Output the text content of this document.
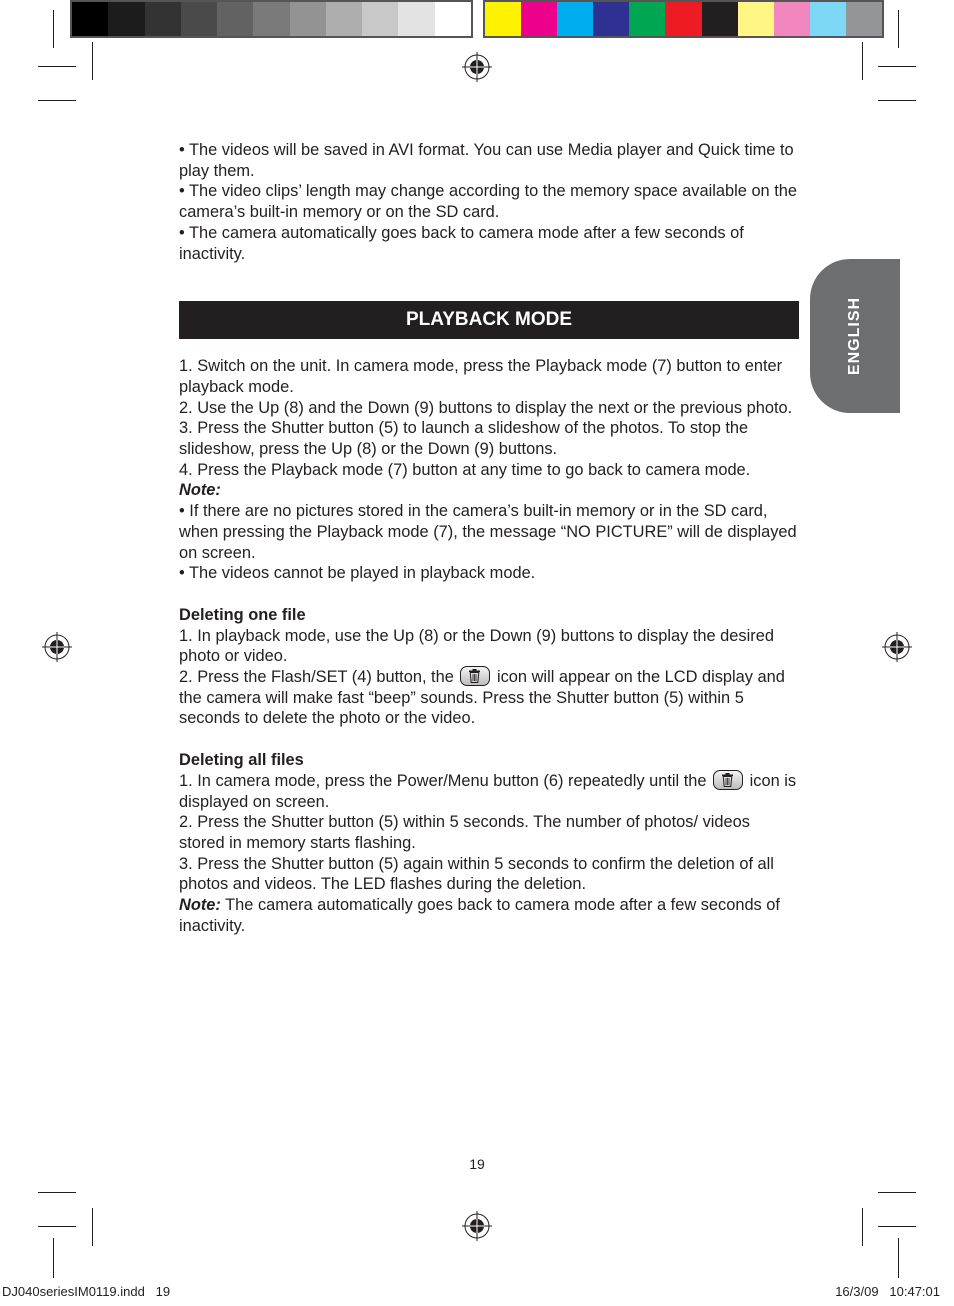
ENGLISH

• The videos will be saved in AVI format. You can use Media player and Quick time to play them.

• The video clips’ length may change according to the memory space available on the camera’s built-in memory or on the SD card.

• The camera automatically goes back to camera mode after a few seconds of inactivity.

PLAYBACK MODE

1. Switch on the unit. In camera mode, press the Playback mode (7) button to enter playback mode.

2. Use the Up (8) and the Down (9) buttons to display the next or the previous photo.

3. Press the Shutter button (5) to launch a slideshow of the photos. To stop the slideshow, press the Up (8) or the Down (9) buttons.

4. Press the Playback mode (7) button at any time to go back to camera mode.

Note:

• If there are no pictures stored in the camera’s built-in memory or in the SD card, when pressing the Playback mode (7), the message “NO PICTURE” will de displayed on screen.

• The videos cannot be played in playback mode.

Deleting one file

1. In playback mode, use the Up (8) or the Down (9) buttons to display the desired photo or video.

2. Press the Flash/SET (4) button, the	icon will appear on the LCD display and the camera will make fast “beep” sounds. Press the Shutter button (5) within 5 seconds to delete the photo or the video.

Deleting all files

1. In camera mode, press the Power/Menu button (6) repeatedly until the	icon is displayed on screen.

2. Press the Shutter button (5) within 5 seconds. The number of photos/ videos stored in memory starts flashing.

3. Press the Shutter button (5) again within 5 seconds to confirm the deletion of all photos and videos. The LED flashes during the deletion.

Note: The camera automatically goes back to camera mode after a few seconds of inactivity.

19
DJ040seriesIM0119.indd   19	16/3/09   10:47:01
